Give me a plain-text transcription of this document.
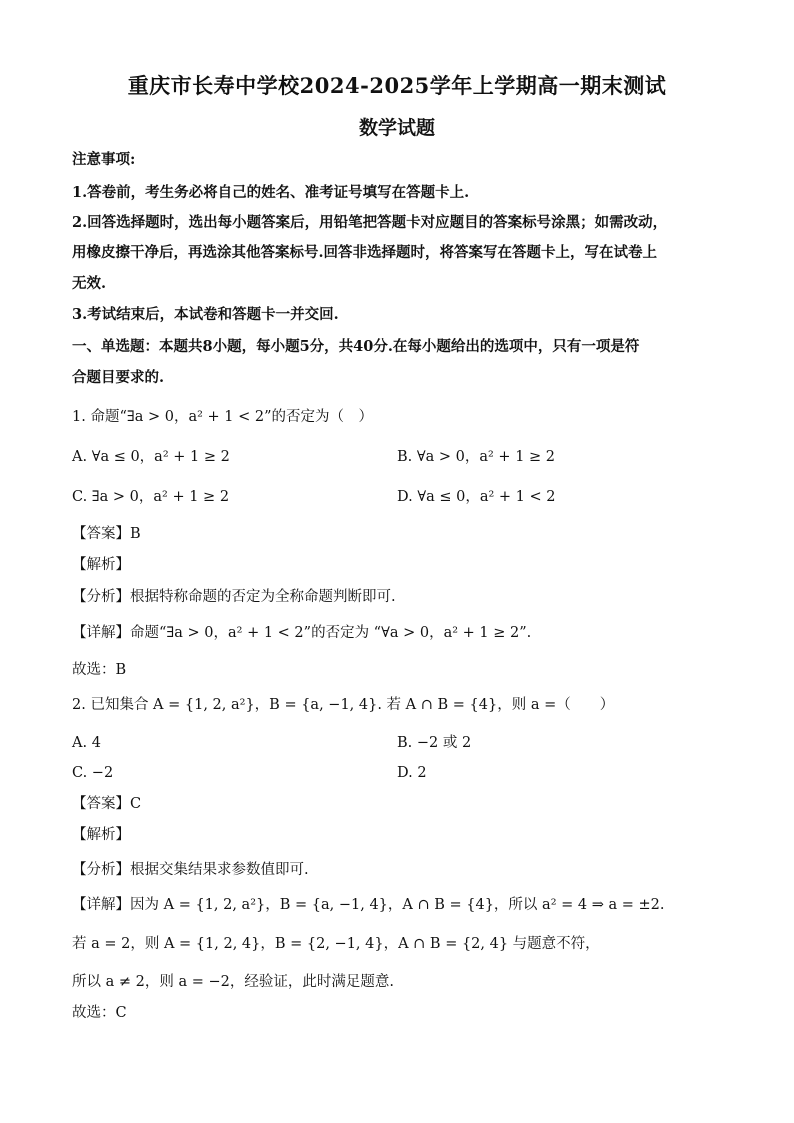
重庆市长寿中学校2024-2025学年上学期高一期末测试
数学试题
注意事项:
1.答卷前，考生务必将自己的姓名、准考证号填写在答题卡上.
2.回答选择题时，选出每小题答案后，用铅笔把答题卡对应题目的答案标号涂黑；如需改动，
用橡皮擦干净后，再选涂其他答案标号.回答非选择题时，将答案写在答题卡上，写在试卷上
无效.
3.考试结束后，本试卷和答题卡一并交回.
一、单选题：本题共8小题，每小题5分，共40分.在每小题给出的选项中，只有一项是符
合题目要求的.
1. 命题“∃a > 0，a² + 1 < 2”的否定为（　）
A. ∀a ≤ 0，a² + 1 ≥ 2	B. ∀a > 0，a² + 1 ≥ 2
C. ∃a > 0，a² + 1 ≥ 2	D. ∀a ≤ 0，a² + 1 < 2
【答案】B
【解析】
【分析】根据特称命题的否定为全称命题判断即可.
【详解】命题“∃a > 0，a² + 1 < 2”的否定为 “∀a > 0，a² + 1 ≥ 2”.
故选：B
2. 已知集合 A = {1, 2, a²}，B = {a, −1, 4}. 若 A ∩ B = {4}，则 a =（　　）
A. 4	B. −2 或 2
C. −2	D. 2
【答案】C
【解析】
【分析】根据交集结果求参数值即可.
【详解】因为 A = {1, 2, a²}，B = {a, −1, 4}，A ∩ B = {4}，所以 a² = 4 ⇒ a = ±2.
若 a = 2，则 A = {1, 2, 4}，B = {2, −1, 4}，A ∩ B = {2, 4} 与题意不符，
所以 a ≠ 2，则 a = −2，经验证，此时满足题意.
故选：C
